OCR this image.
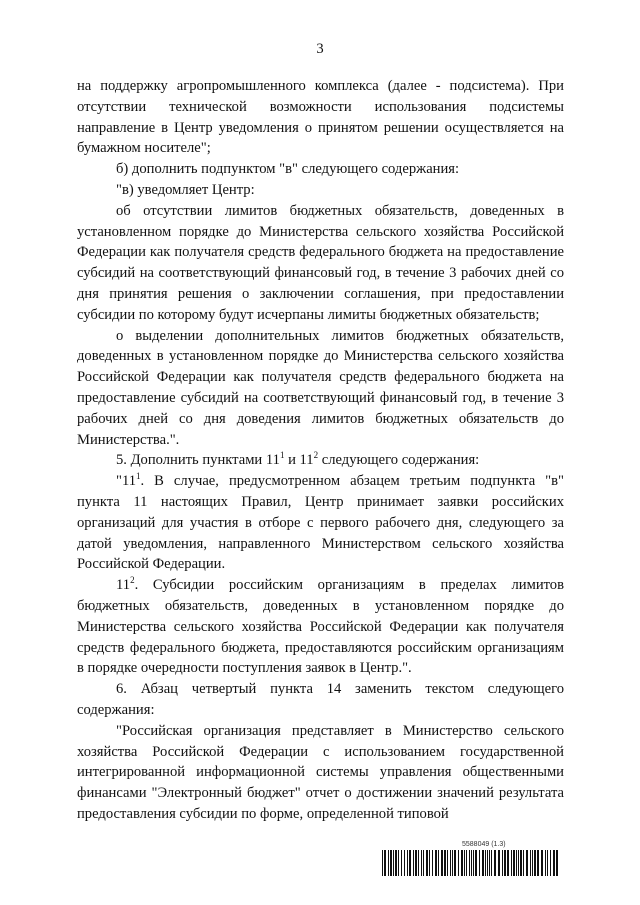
3

на поддержку агропромышленного комплекса (далее - подсистема). При отсутствии технической возможности использования подсистемы направление в Центр уведомления о принятом решении осуществляется на бумажном носителе";

б) дополнить подпунктом "в" следующего содержания:

"в) уведомляет Центр:

об отсутствии лимитов бюджетных обязательств, доведенных в установленном порядке до Министерства сельского хозяйства Российской Федерации как получателя средств федерального бюджета на предоставление субсидий на соответствующий финансовый год, в течение 3 рабочих дней со дня принятия решения о заключении соглашения, при предоставлении субсидии по которому будут исчерпаны лимиты бюджетных обязательств;

о выделении дополнительных лимитов бюджетных обязательств, доведенных в установленном порядке до Министерства сельского хозяйства Российской Федерации как получателя средств федерального бюджета на предоставление субсидий на соответствующий финансовый год, в течение 3 рабочих дней со дня доведения лимитов бюджетных обязательств до Министерства.".

5. Дополнить пунктами $11^1$ и $11^2$ следующего содержания:

"$11^1$. В случае, предусмотренном абзацем третьим подпункта "в" пункта 11 настоящих Правил, Центр принимает заявки российских организаций для участия в отборе с первого рабочего дня, следующего за датой уведомления, направленного Министерством сельского хозяйства Российской Федерации.

$11^2$. Субсидии российским организациям в пределах лимитов бюджетных обязательств, доведенных в установленном порядке до Министерства сельского хозяйства Российской Федерации как получателя средств федерального бюджета, предоставляются российским организациям в порядке очередности поступления заявок в Центр.".

6. Абзац четвертый пункта 14 заменить текстом следующего содержания:

"Российская организация представляет в Министерство сельского хозяйства Российской Федерации с использованием государственной интегрированной информационной системы управления общественными финансами "Электронный бюджет" отчет о достижении значений результата предоставления субсидии по форме, определенной типовой

5588049 (1.3)
